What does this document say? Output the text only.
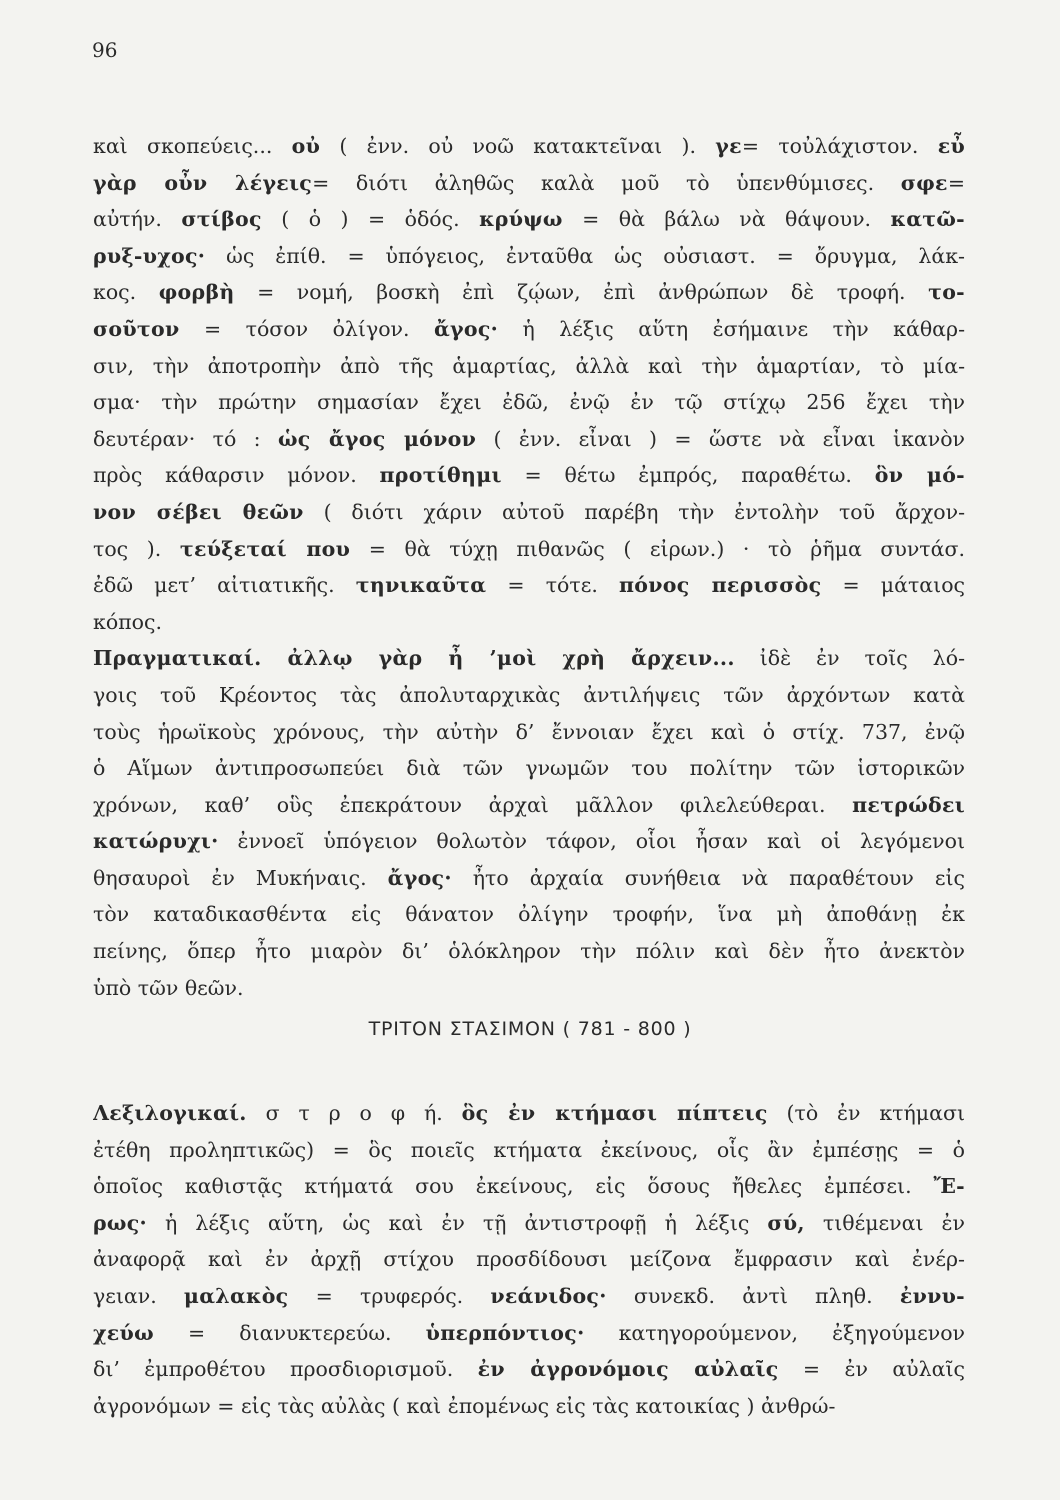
96
καὶ σκοπεύεις... οὐ ( ἐνν. οὐ νοῶ κατακτεῖναι ). γε= τοὐλάχιστον. εὖ
γὰρ οὖν λέγεις= διότι ἀληθῶς καλὰ μοῦ τὸ ὑπενθύμισες. σφε=
αὐτήν. στίβος ( ὁ ) = ὁδός. κρύψω = θὰ βάλω νὰ θάψουν. κατῶ-
ρυξ-υχος· ὡς ἐπίθ. = ὑπόγειος, ἐνταῦθα ὡς οὐσιαστ. = ὄρυγμα, λάκ-
κος. φορβὴ = νομή, βοσκὴ ἐπὶ ζῴων, ἐπὶ ἀνθρώπων δὲ τροφή. το-
σοῦτον = τόσον ὀλίγον. ἄγος· ἡ λέξις αὕτη ἐσήμαινε τὴν κάθαρ-
σιν, τὴν ἀποτροπὴν ἀπὸ τῆς ἁμαρτίας, ἀλλὰ καὶ τὴν ἁμαρτίαν, τὸ μία-
σμα· τὴν πρώτην σημασίαν ἔχει ἐδῶ, ἐνῷ ἐν τῷ στίχῳ 256 ἔχει τὴν
δευτέραν· τό : ὡς ἄγος μόνον ( ἐνν. εἶναι ) = ὥστε νὰ εἶναι ἱκανὸν
πρὸς κάθαρσιν μόνον. προτίθημι = θέτω ἐμπρός, παραθέτω. ὃν μό-
νον σέβει θεῶν ( διότι χάριν αὐτοῦ παρέβη τὴν ἐντολὴν τοῦ ἄρχον-
τος ). τεύξεταί που = θὰ τύχῃ πιθανῶς ( εἰρων.) · τὸ ῥῆμα συντάσ.
ἐδῶ μετ’ αἰτιατικῆς. τηνικαῦτα = τότε. πόνος περισσὸς = μάταιος
κόπος.
Πραγματικαί. ἀλλῳ γὰρ ἦ ’μοὶ χρὴ ἄρχειν... ἰδὲ ἐν τοῖς λό-
γοις τοῦ Κρέοντος τὰς ἀπολυταρχικὰς ἀντιλήψεις τῶν ἀρχόντων κατὰ
τοὺς ἡρωϊκοὺς χρόνους, τὴν αὐτὴν δ’ ἔννοιαν ἔχει καὶ ὁ στίχ. 737, ἐνῷ
ὁ Αἵμων ἀντιπροσωπεύει διὰ τῶν γνωμῶν του πολίτην τῶν ἱστορικῶν
χρόνων, καθ’ οὓς ἐπεκράτουν ἀρχαὶ μᾶλλον φιλελεύθεραι. πετρώδει
κατώρυχι· ἐννοεῖ ὑπόγειον θολωτὸν τάφον, οἷοι ἦσαν καὶ οἱ λεγόμενοι
θησαυροὶ ἐν Μυκήναις. ἄγος· ἦτο ἀρχαία συνήθεια νὰ παραθέτουν εἰς
τὸν καταδικασθέντα εἰς θάνατον ὀλίγην τροφήν, ἵνα μὴ ἀποθάνῃ ἐκ
πείνης, ὅπερ ἦτο μιαρὸν δι’ ὁλόκληρον τὴν πόλιν καὶ δὲν ἦτο ἀνεκτὸν
ὑπὸ τῶν θεῶν.
ΤΡΙΤΟΝ ΣΤΑΣΙΜΟΝ ( 781 - 800 )
Λεξιλογικαί. σ τ ρ ο φ ή. ὃς ἐν κτήμασι πίπτεις (τὸ ἐν κτήμασι
ἐτέθη προληπτικῶς) = ὃς ποιεῖς κτήματα ἐκείνους, οἷς ἂν ἐμπέσῃς = ὁ
ὁποῖος καθιστᾷς κτήματά σου ἐκείνους, εἰς ὅσους ἤθελες ἐμπέσει. Ἔ-
ρως· ἡ λέξις αὕτη, ὡς καὶ ἐν τῇ ἀντιστροφῇ ἡ λέξις σύ, τιθέμεναι ἐν
ἀναφορᾷ καὶ ἐν ἀρχῇ στίχου προσδίδουσι μείζονα ἔμφρασιν καὶ ἐνέρ-
γειαν. μαλακὸς = τρυφερός. νεάνιδος· συνεκδ. ἀντὶ πληθ. ἐννυ-
χεύω = διανυκτερεύω. ὑπερπόντιος· κατηγορούμενον, ἐξηγούμενον
δι’ ἐμπροθέτου προσδιορισμοῦ. ἐν ἀγρονόμοις αὐλαῖς = ἐν αὐλαῖς
ἀγρονόμων = εἰς τὰς αὐλὰς ( καὶ ἐπομένως εἰς τὰς κατοικίας ) ἀνθρώ-
